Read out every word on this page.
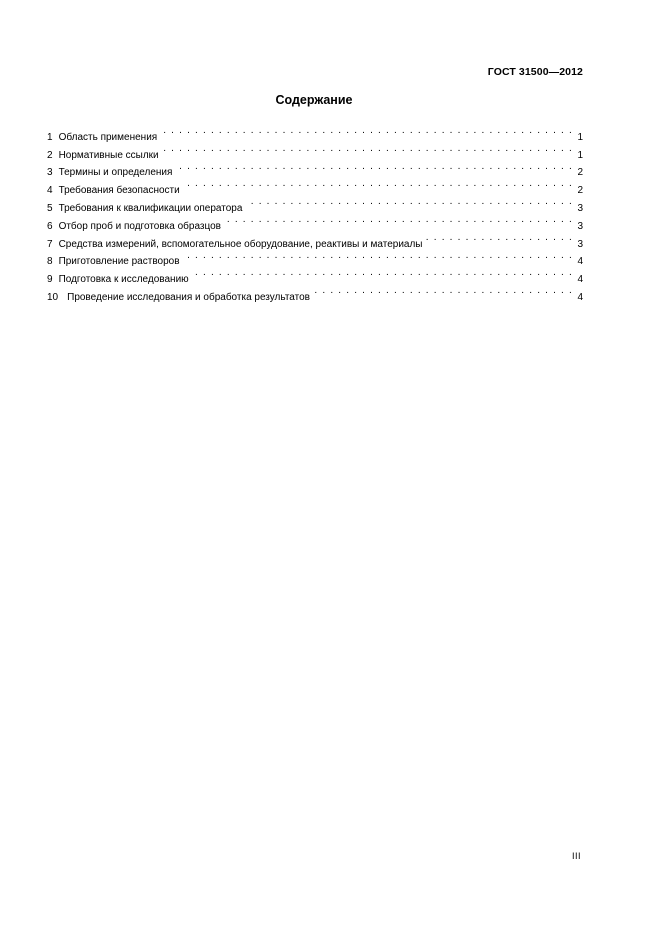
ГОСТ 31500—2012
Содержание
1 Область применения . . .	1
2 Нормативные ссылки . . .	1
3 Термины и определения . . .	2
4 Требования безопасности . . .	2
5 Требования к квалификации оператора . . .	3
6 Отбор проб и подготовка образцов . . .	3
7 Средства измерений, вспомогательное оборудование, реактивы и материалы . . .	3
8 Приготовление растворов . . .	4
9 Подготовка к исследованию . . .	4
10 Проведение исследования и обработка результатов . . .	4
III
